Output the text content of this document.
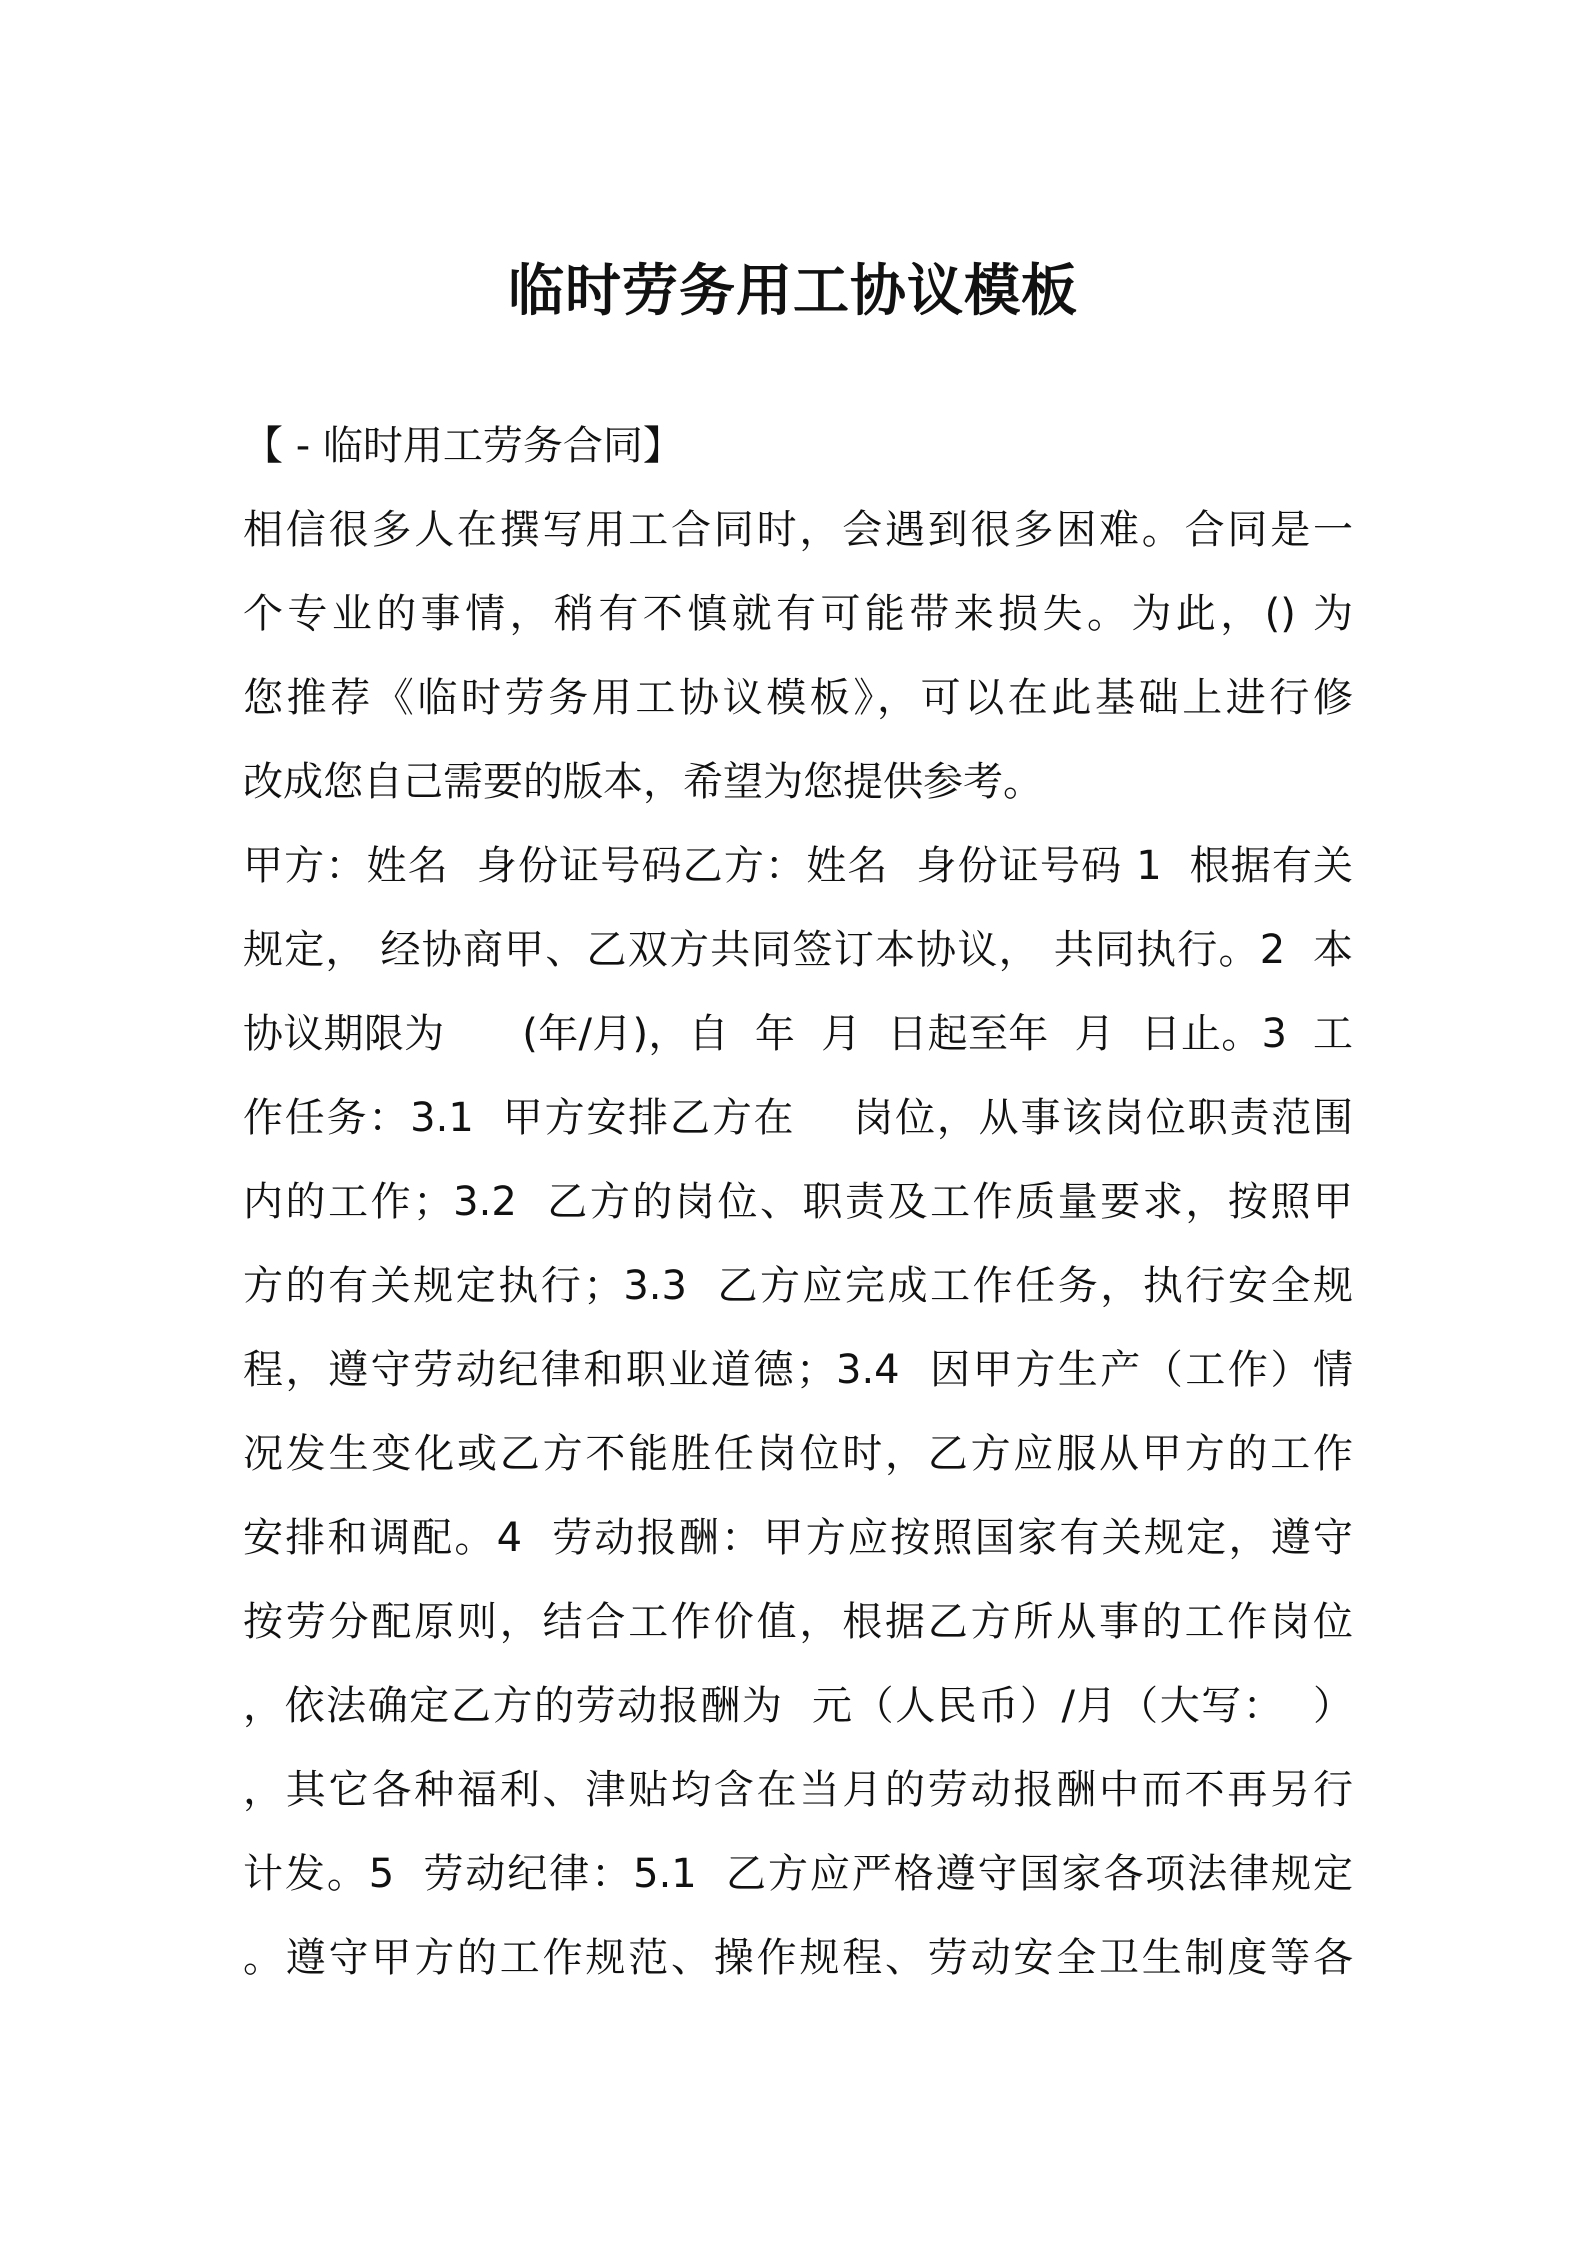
临时劳务用工协议模板
【 - 临时用工劳务合同】
相信很多人在撰写用工合同时，会遇到很多困难。合同是一
个专业的事情，稍有不慎就有可能带来损失。为此，() 为
您推荐《临时劳务用工协议模板》，可以在此基础上进行修
改成您自己需要的版本，希望为您提供参考。
甲方：姓名  身份证号码乙方：姓名  身份证号码 1  根据有关
规定， 经协商甲、乙双方共同签订本协议， 共同执行。2  本
协议期限为      (年/月)，自  年  月  日起至年  月  日止。3  工
作任务：3.1  甲方安排乙方在    岗位，从事该岗位职责范围
内的工作；3.2  乙方的岗位、职责及工作质量要求，按照甲
方的有关规定执行；3.3  乙方应完成工作任务，执行安全规
程，遵守劳动纪律和职业道德；3.4  因甲方生产（工作）情
况发生变化或乙方不能胜任岗位时，乙方应服从甲方的工作
安排和调配。4  劳动报酬：甲方应按照国家有关规定，遵守
按劳分配原则，结合工作价值，根据乙方所从事的工作岗位
，依法确定乙方的劳动报酬为  元（人民币）/月（大写：  ）
，其它各种福利、津贴均含在当月的劳动报酬中而不再另行
计发。5  劳动纪律：5.1  乙方应严格遵守国家各项法律规定
。遵守甲方的工作规范、操作规程、劳动安全卫生制度等各
